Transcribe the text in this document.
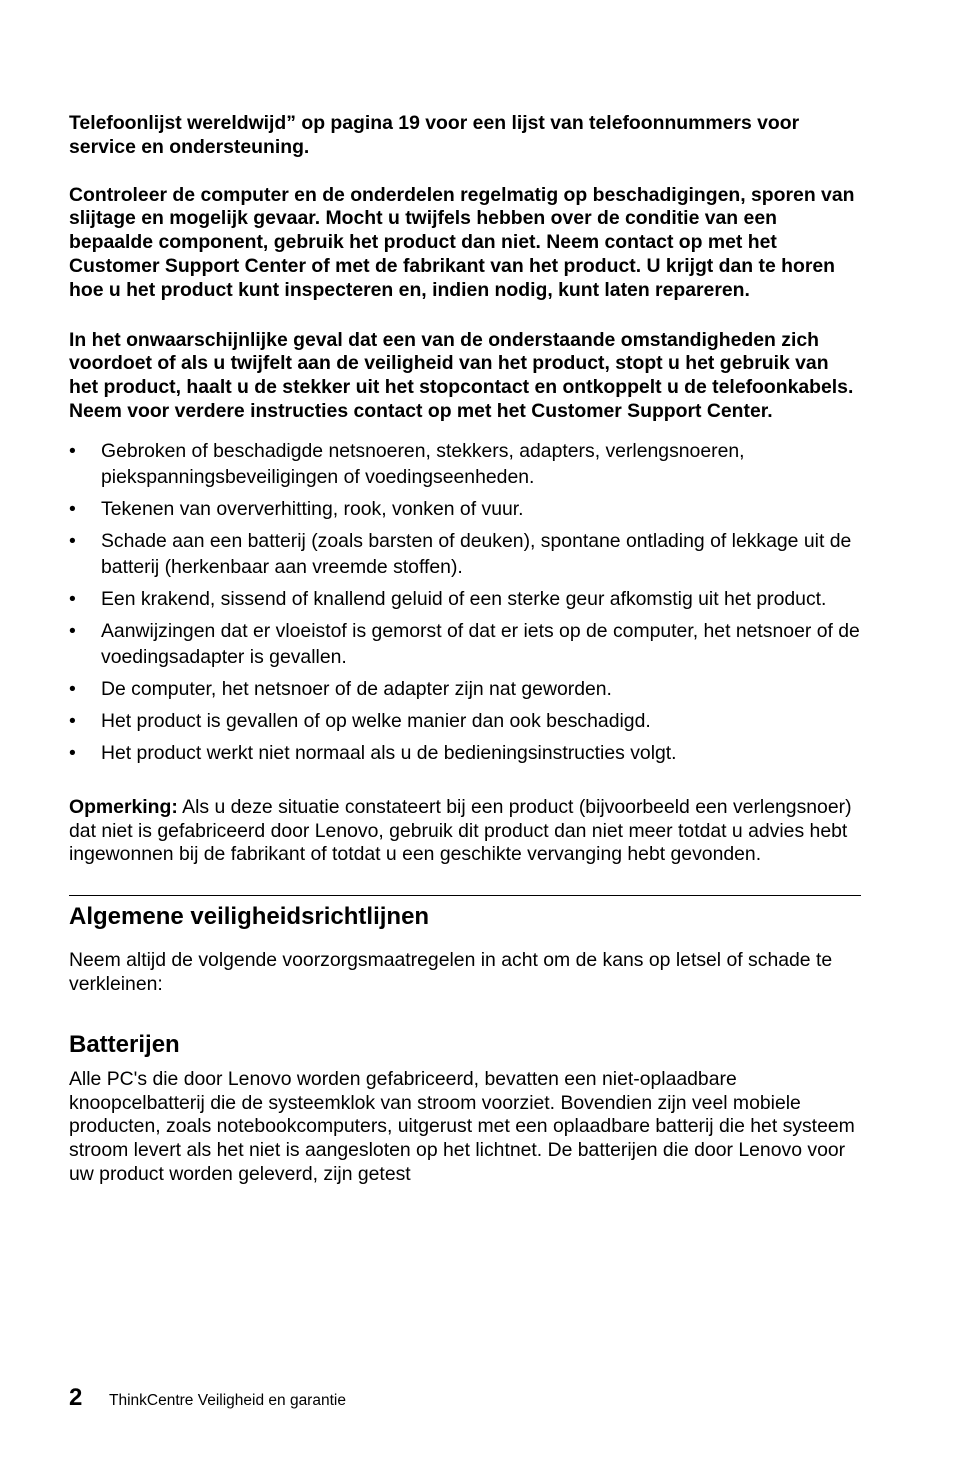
Telefoonlijst wereldwijd” op pagina 19 voor een lijst van telefoonnummers voor service en ondersteuning.

Controleer de computer en de onderdelen regelmatig op beschadigingen, sporen van slijtage en mogelijk gevaar. Mocht u twijfels hebben over de conditie van een bepaalde component, gebruik het product dan niet. Neem contact op met het Customer Support Center of met de fabrikant van het product. U krijgt dan te horen hoe u het product kunt inspecteren en, indien nodig, kunt laten repareren.

In het onwaarschijnlijke geval dat een van de onderstaande omstandigheden zich voordoet of als u twijfelt aan de veiligheid van het product, stopt u het gebruik van het product, haalt u de stekker uit het stopcontact en ontkoppelt u de telefoonkabels. Neem voor verdere instructies contact op met het Customer Support Center.

• Gebroken of beschadigde netsnoeren, stekkers, adapters, verlengsnoeren, piekspanningsbeveiligingen of voedingseenheden.
• Tekenen van oververhitting, rook, vonken of vuur.
• Schade aan een batterij (zoals barsten of deuken), spontane ontlading of lekkage uit de batterij (herkenbaar aan vreemde stoffen).
• Een krakend, sissend of knallend geluid of een sterke geur afkomstig uit het product.
• Aanwijzingen dat er vloeistof is gemorst of dat er iets op de computer, het netsnoer of de voedingsadapter is gevallen.
• De computer, het netsnoer of de adapter zijn nat geworden.
• Het product is gevallen of op welke manier dan ook beschadigd.
• Het product werkt niet normaal als u de bedieningsinstructies volgt.

Opmerking: Als u deze situatie constateert bij een product (bijvoorbeeld een verlengsnoer) dat niet is gefabriceerd door Lenovo, gebruik dit product dan niet meer totdat u advies hebt ingewonnen bij de fabrikant of totdat u een geschikte vervanging hebt gevonden.

Algemene veiligheidsrichtlijnen

Neem altijd de volgende voorzorgsmaatregelen in acht om de kans op letsel of schade te verkleinen:

Batterijen

Alle PC's die door Lenovo worden gefabriceerd, bevatten een niet-oplaadbare knoopcelbatterij die de systeemklok van stroom voorziet. Bovendien zijn veel mobiele producten, zoals notebookcomputers, uitgerust met een oplaadbare batterij die het systeem stroom levert als het niet is aangesloten op het lichtnet. De batterijen die door Lenovo voor uw product worden geleverd, zijn getest

2	ThinkCentre Veiligheid en garantie
